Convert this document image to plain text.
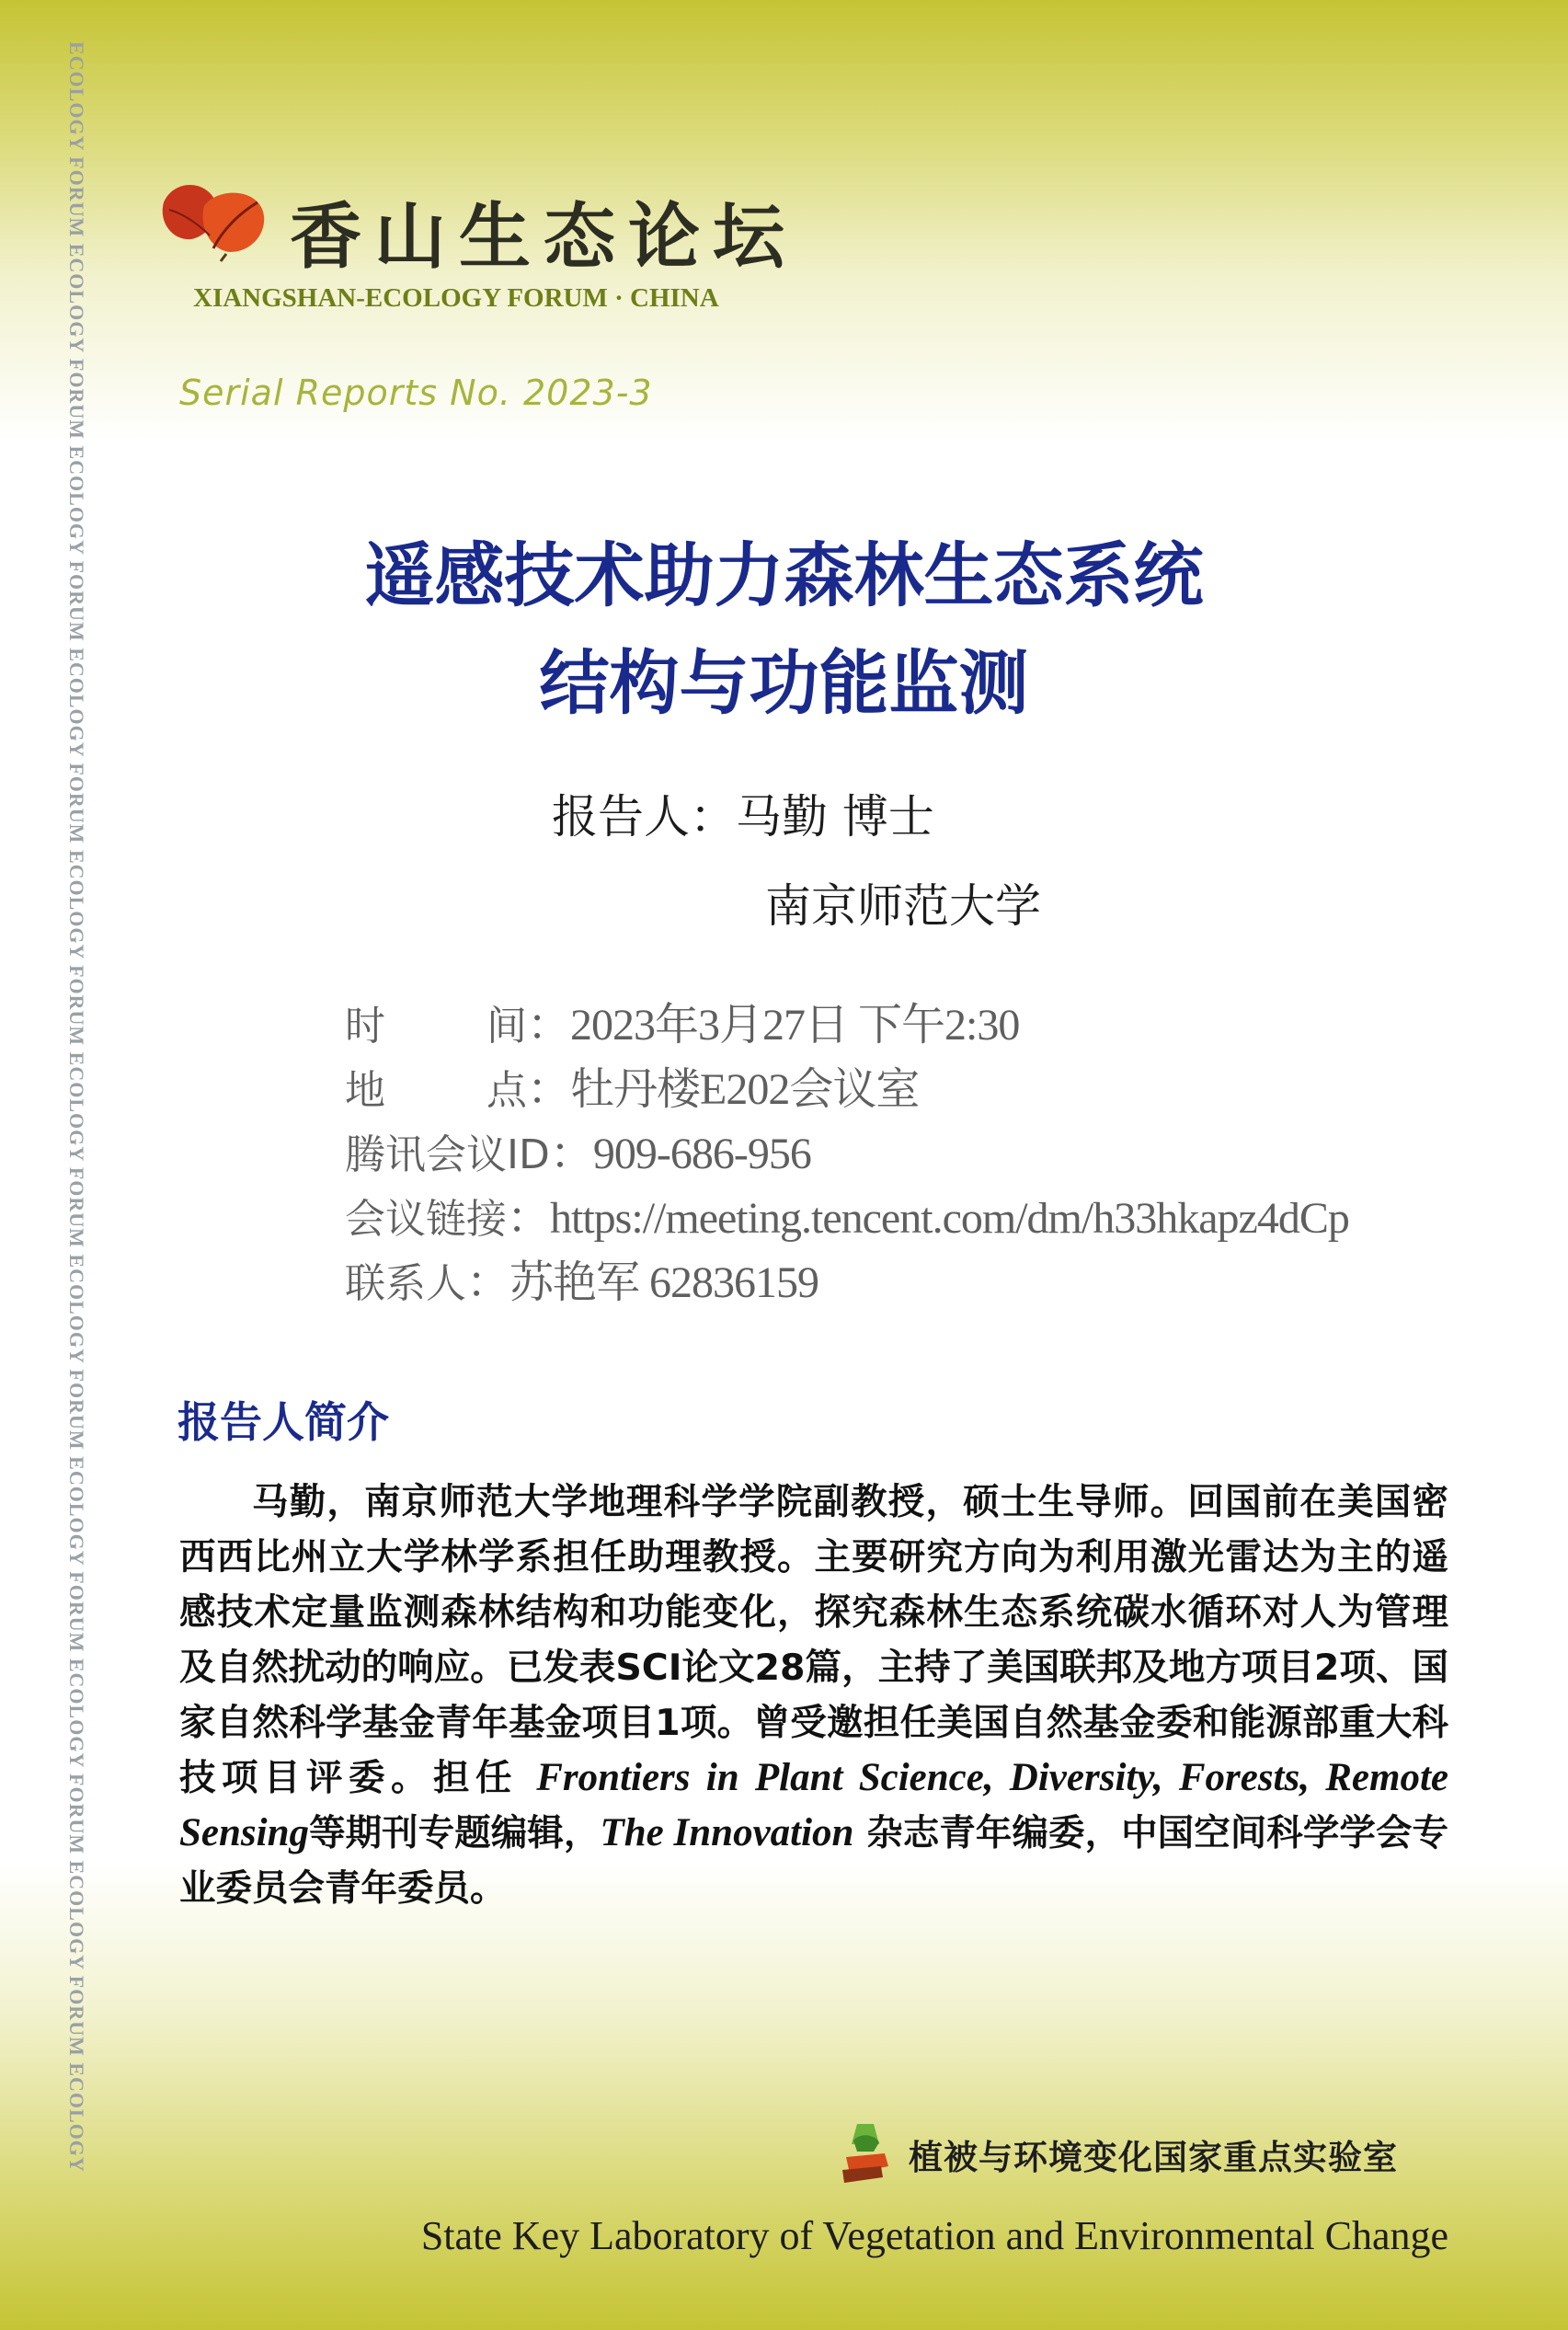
ECOLOGY FORUM ECOLOGY FORUM ECOLOGY FORUM ECOLOGY FORUM ECOLOGY FORUM ECOLOGY FORUM ECOLOGY FORUM ECOLOGY FORUM ECOLOGY FORUM ECOLOGY FORUM ECOLOGY	香山生态论坛
XIANGSHAN-ECOLOGY FORUM · CHINA
Serial Reports No. 2023-3
遥感技术助力森林生态系统
结构与功能监测
报告人：马勤 博士
南京师范大学
时间：2023年3月27日 下午2:30
地点：牡丹楼E202会议室
腾讯会议ID：909-686-956
会议链接：https://meeting.tencent.com/dm/h33hkapz4dCp
联系人：苏艳军 62836159
报告人简介

马勤，南京师范大学地理科学学院副教授，硕士生导师。回国前在美国密西西比州立大学林学系担任助理教授。主要研究方向为利用激光雷达为主的遥感技术定量监测森林结构和功能变化，探究森林生态系统碳水循环对人为管理及自然扰动的响应。已发表SCI论文28篇，主持了美国联邦及地方项目2项、国家自然科学基金青年基金项目1项。曾受邀担任美国自然基金委和能源部重大科技项目评委。担任 Frontiers in Plant Science, Diversity, Forests, Remote Sensing等期刊专题编辑，The Innovation 杂志青年编委，中国空间科学学会专业委员会青年委员。

植被与环境变化国家重点实验室
State Key Laboratory of Vegetation and Environmental Change
